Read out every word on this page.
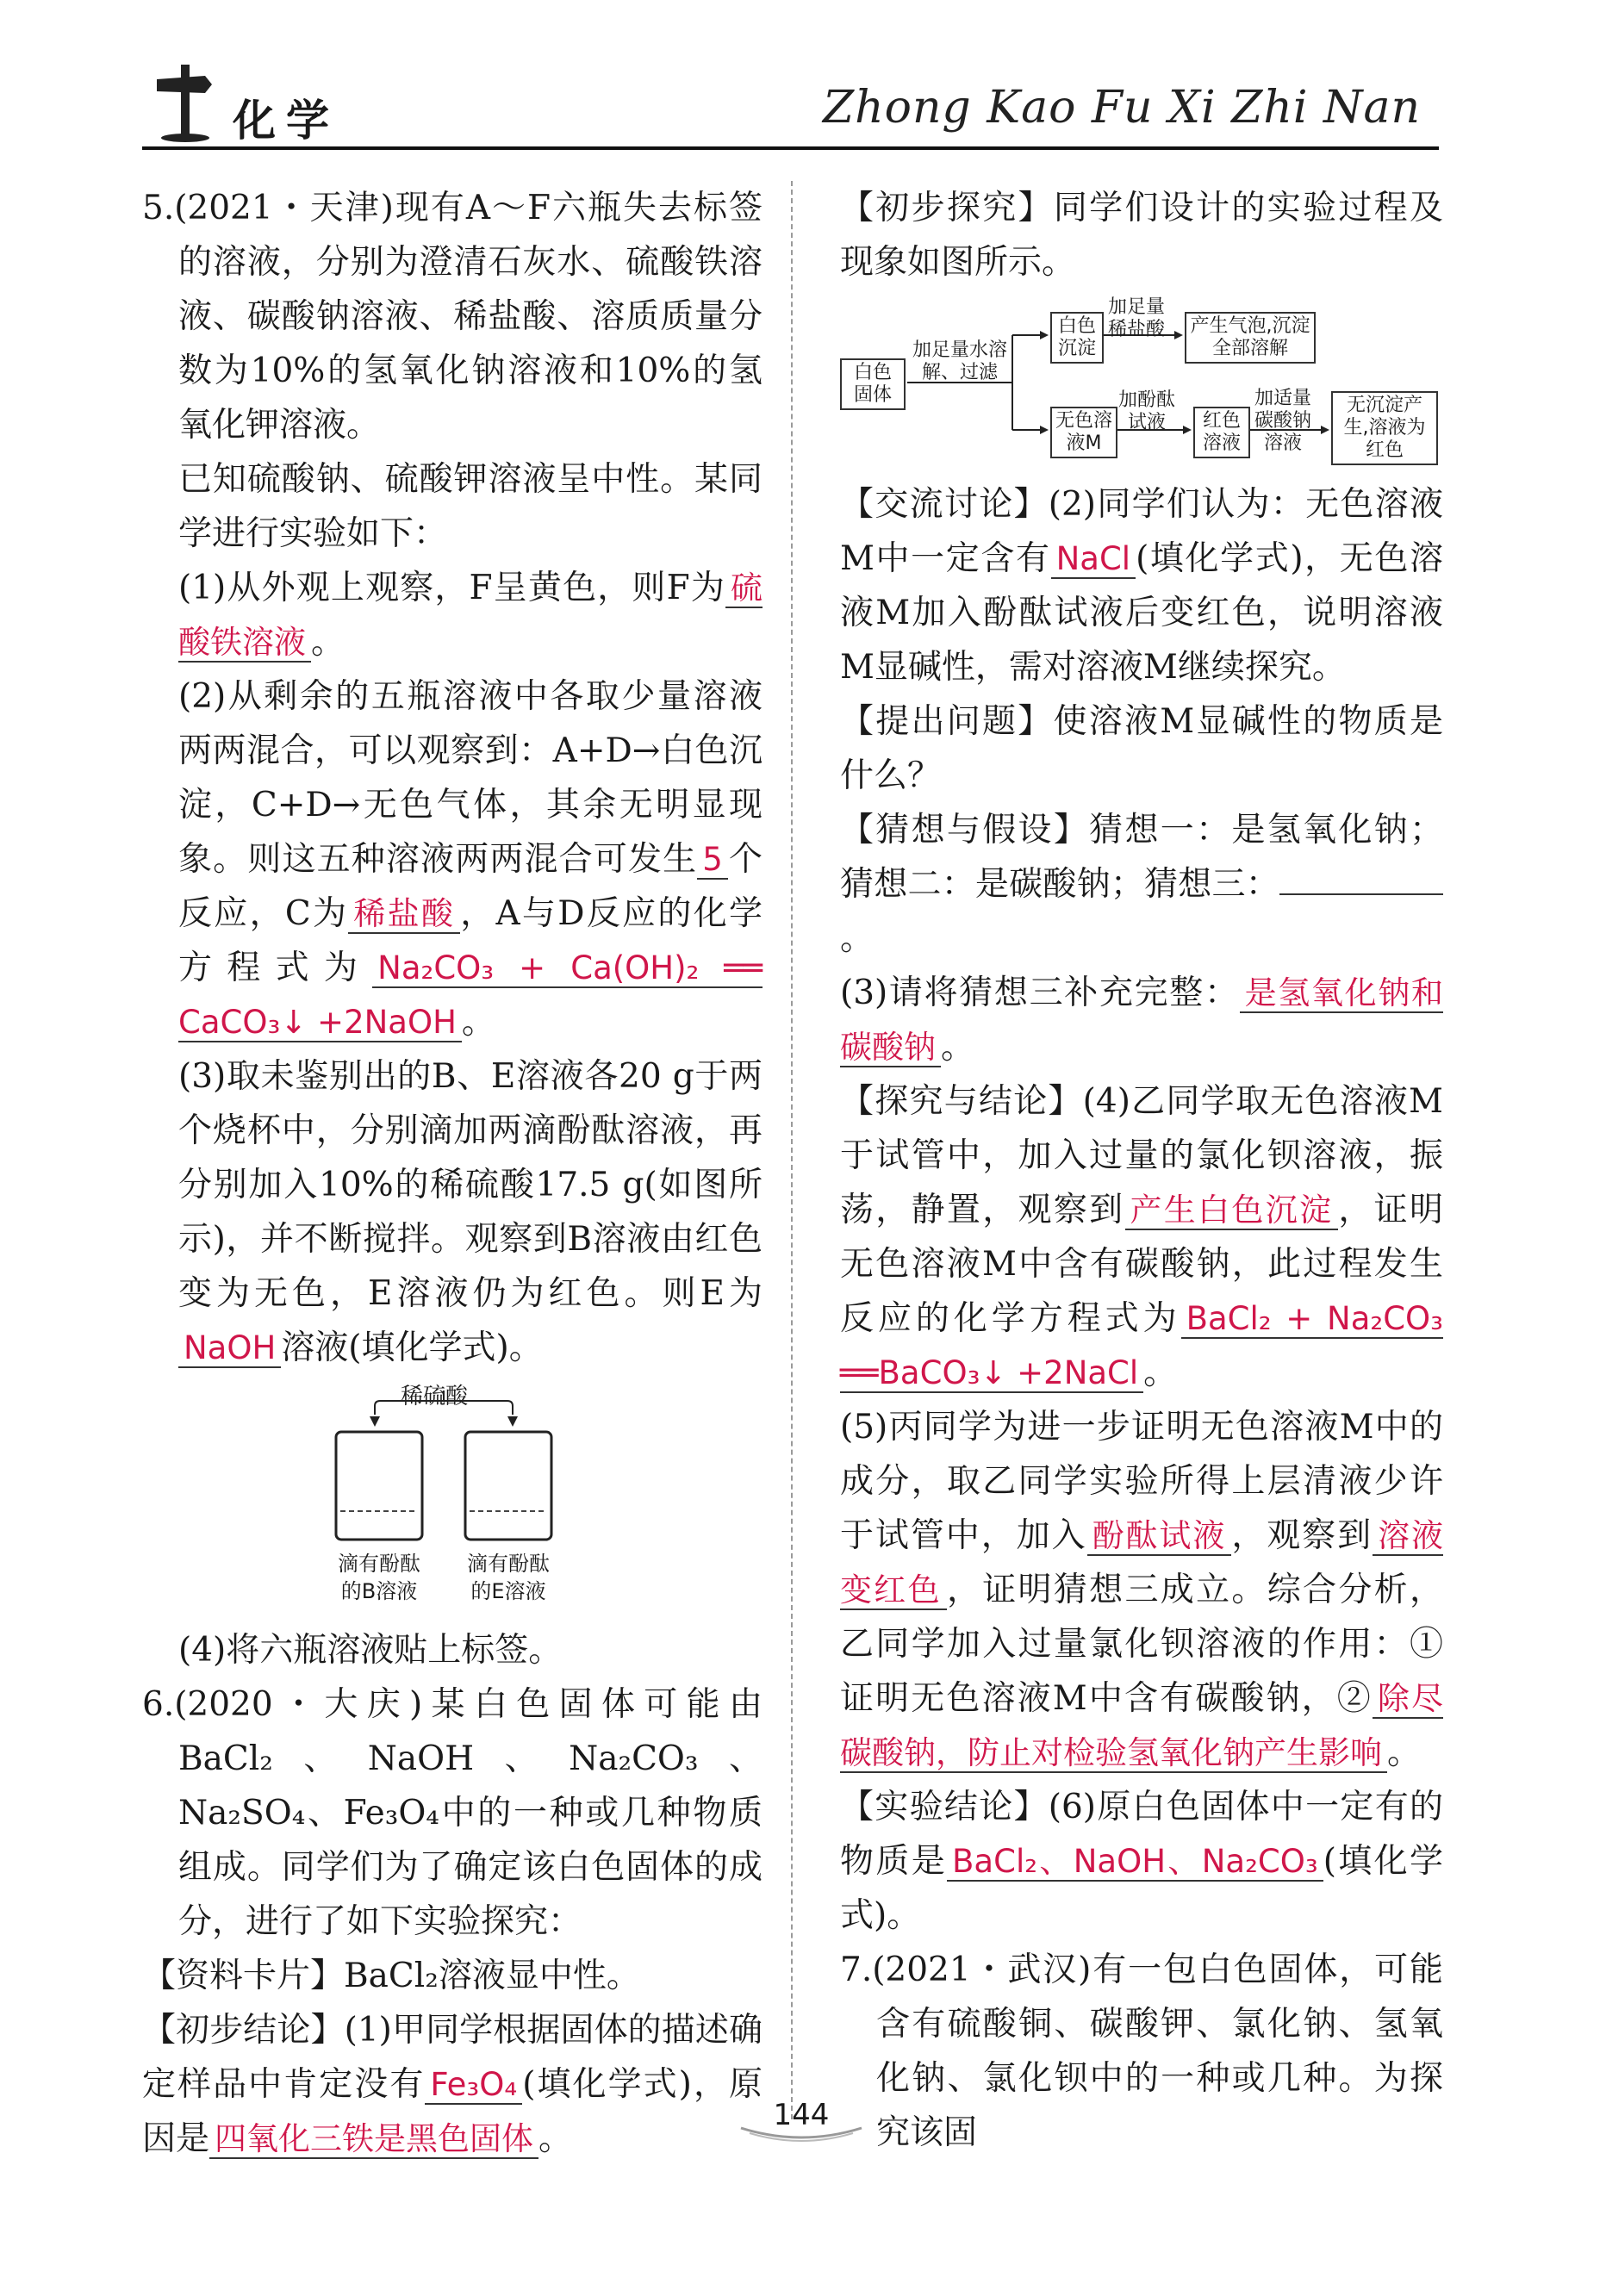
化学	Zhong Kao Fu Xi Zhi Nan

5.(2021・天津)现有A～F六瓶失去标签的溶液，分别为澄清石灰水、硫酸铁溶液、碳酸钠溶液、稀盐酸、溶质质量分数为10%的氢氧化钠溶液和10%的氢氧化钾溶液。

已知硫酸钠、硫酸钾溶液呈中性。某同学进行实验如下：

(1)从外观上观察，F呈黄色，则F为 硫酸铁溶液 。

(2)从剩余的五瓶溶液中各取少量溶液两两混合，可以观察到：A+D→白色沉淀，C+D→无色气体，其余无明显现象。则这五种溶液两两混合可发生 5 个反应，C为 稀盐酸 ，A与D反应的化学方程式为 Na₂CO₃ + Ca(OH)₂ ══ CaCO₃↓ +2NaOH 。

(3)取未鉴别出的B、E溶液各20 g于两个烧杯中，分别滴加两滴酚酞溶液，再分别加入10%的稀硫酸17.5 g(如图所示)，并不断搅拌。观察到B溶液由红色变为无色，E溶液仍为红色。则E为NaOH 溶液(填化学式)。

稀硫酸
滴有酚酞
的B溶液
滴有酚酞
的E溶液

(4)将六瓶溶液贴上标签。

6.(2020・大庆)某白色固体可能由BaCl₂、NaOH、Na₂CO₃、Na₂SO₄、Fe₃O₄中的一种或几种物质组成。同学们为了确定该白色固体的成分，进行了如下实验探究：

【资料卡片】BaCl₂溶液显中性。

【初步结论】(1)甲同学根据固体的描述确定样品中肯定没有 Fe₃O₄ (填化学式)，原因是 四氧化三铁是黑色固体 。

【初步探究】同学们设计的实验过程及现象如图所示。

白色固体
加足量水溶解、过滤
白色沉淀
加足量稀盐酸	产生气泡,沉淀全部溶解
无色溶液M
加酚酞试液	红色溶液
加适量碳酸钠溶液
无沉淀产生,溶液为红色

【交流讨论】(2)同学们认为：无色溶液M中一定含有 NaCl (填化学式)，无色溶液M加入酚酞试液后变红色，说明溶液M显碱性，需对溶液M继续探究。

【提出问题】使溶液M显碱性的物质是什么？

【猜想与假设】猜想一：是氢氧化钠；猜想二：是碳酸钠；猜想三：。

(3)请将猜想三补充完整： 是氢氧化钠和碳酸钠 。

【探究与结论】(4)乙同学取无色溶液M于试管中，加入过量的氯化钡溶液，振荡，静置，观察到 产生白色沉淀 ，证明无色溶液M中含有碳酸钠，此过程发生反应的化学方程式为 BaCl₂ + Na₂CO₃ ══BaCO₃↓ +2NaCl 。

(5)丙同学为进一步证明无色溶液M中的成分，取乙同学实验所得上层清液少许于试管中，加入 酚酞试液 ，观察到 溶液变红色 ，证明猜想三成立。综合分析，乙同学加入过量氯化钡溶液的作用：①证明无色溶液M中含有碳酸钠，② 除尽碳酸钠，防止对检验氢氧化钠产生影响 。

【实验结论】(6)原白色固体中一定有的物质是 BaCl₂、NaOH、Na₂CO₃ (填化学式)。

7.(2021・武汉)有一包白色固体，可能含有硫酸铜、碳酸钾、氯化钠、氢氧化钠、氯化钡中的一种或几种。为探究该固

144
